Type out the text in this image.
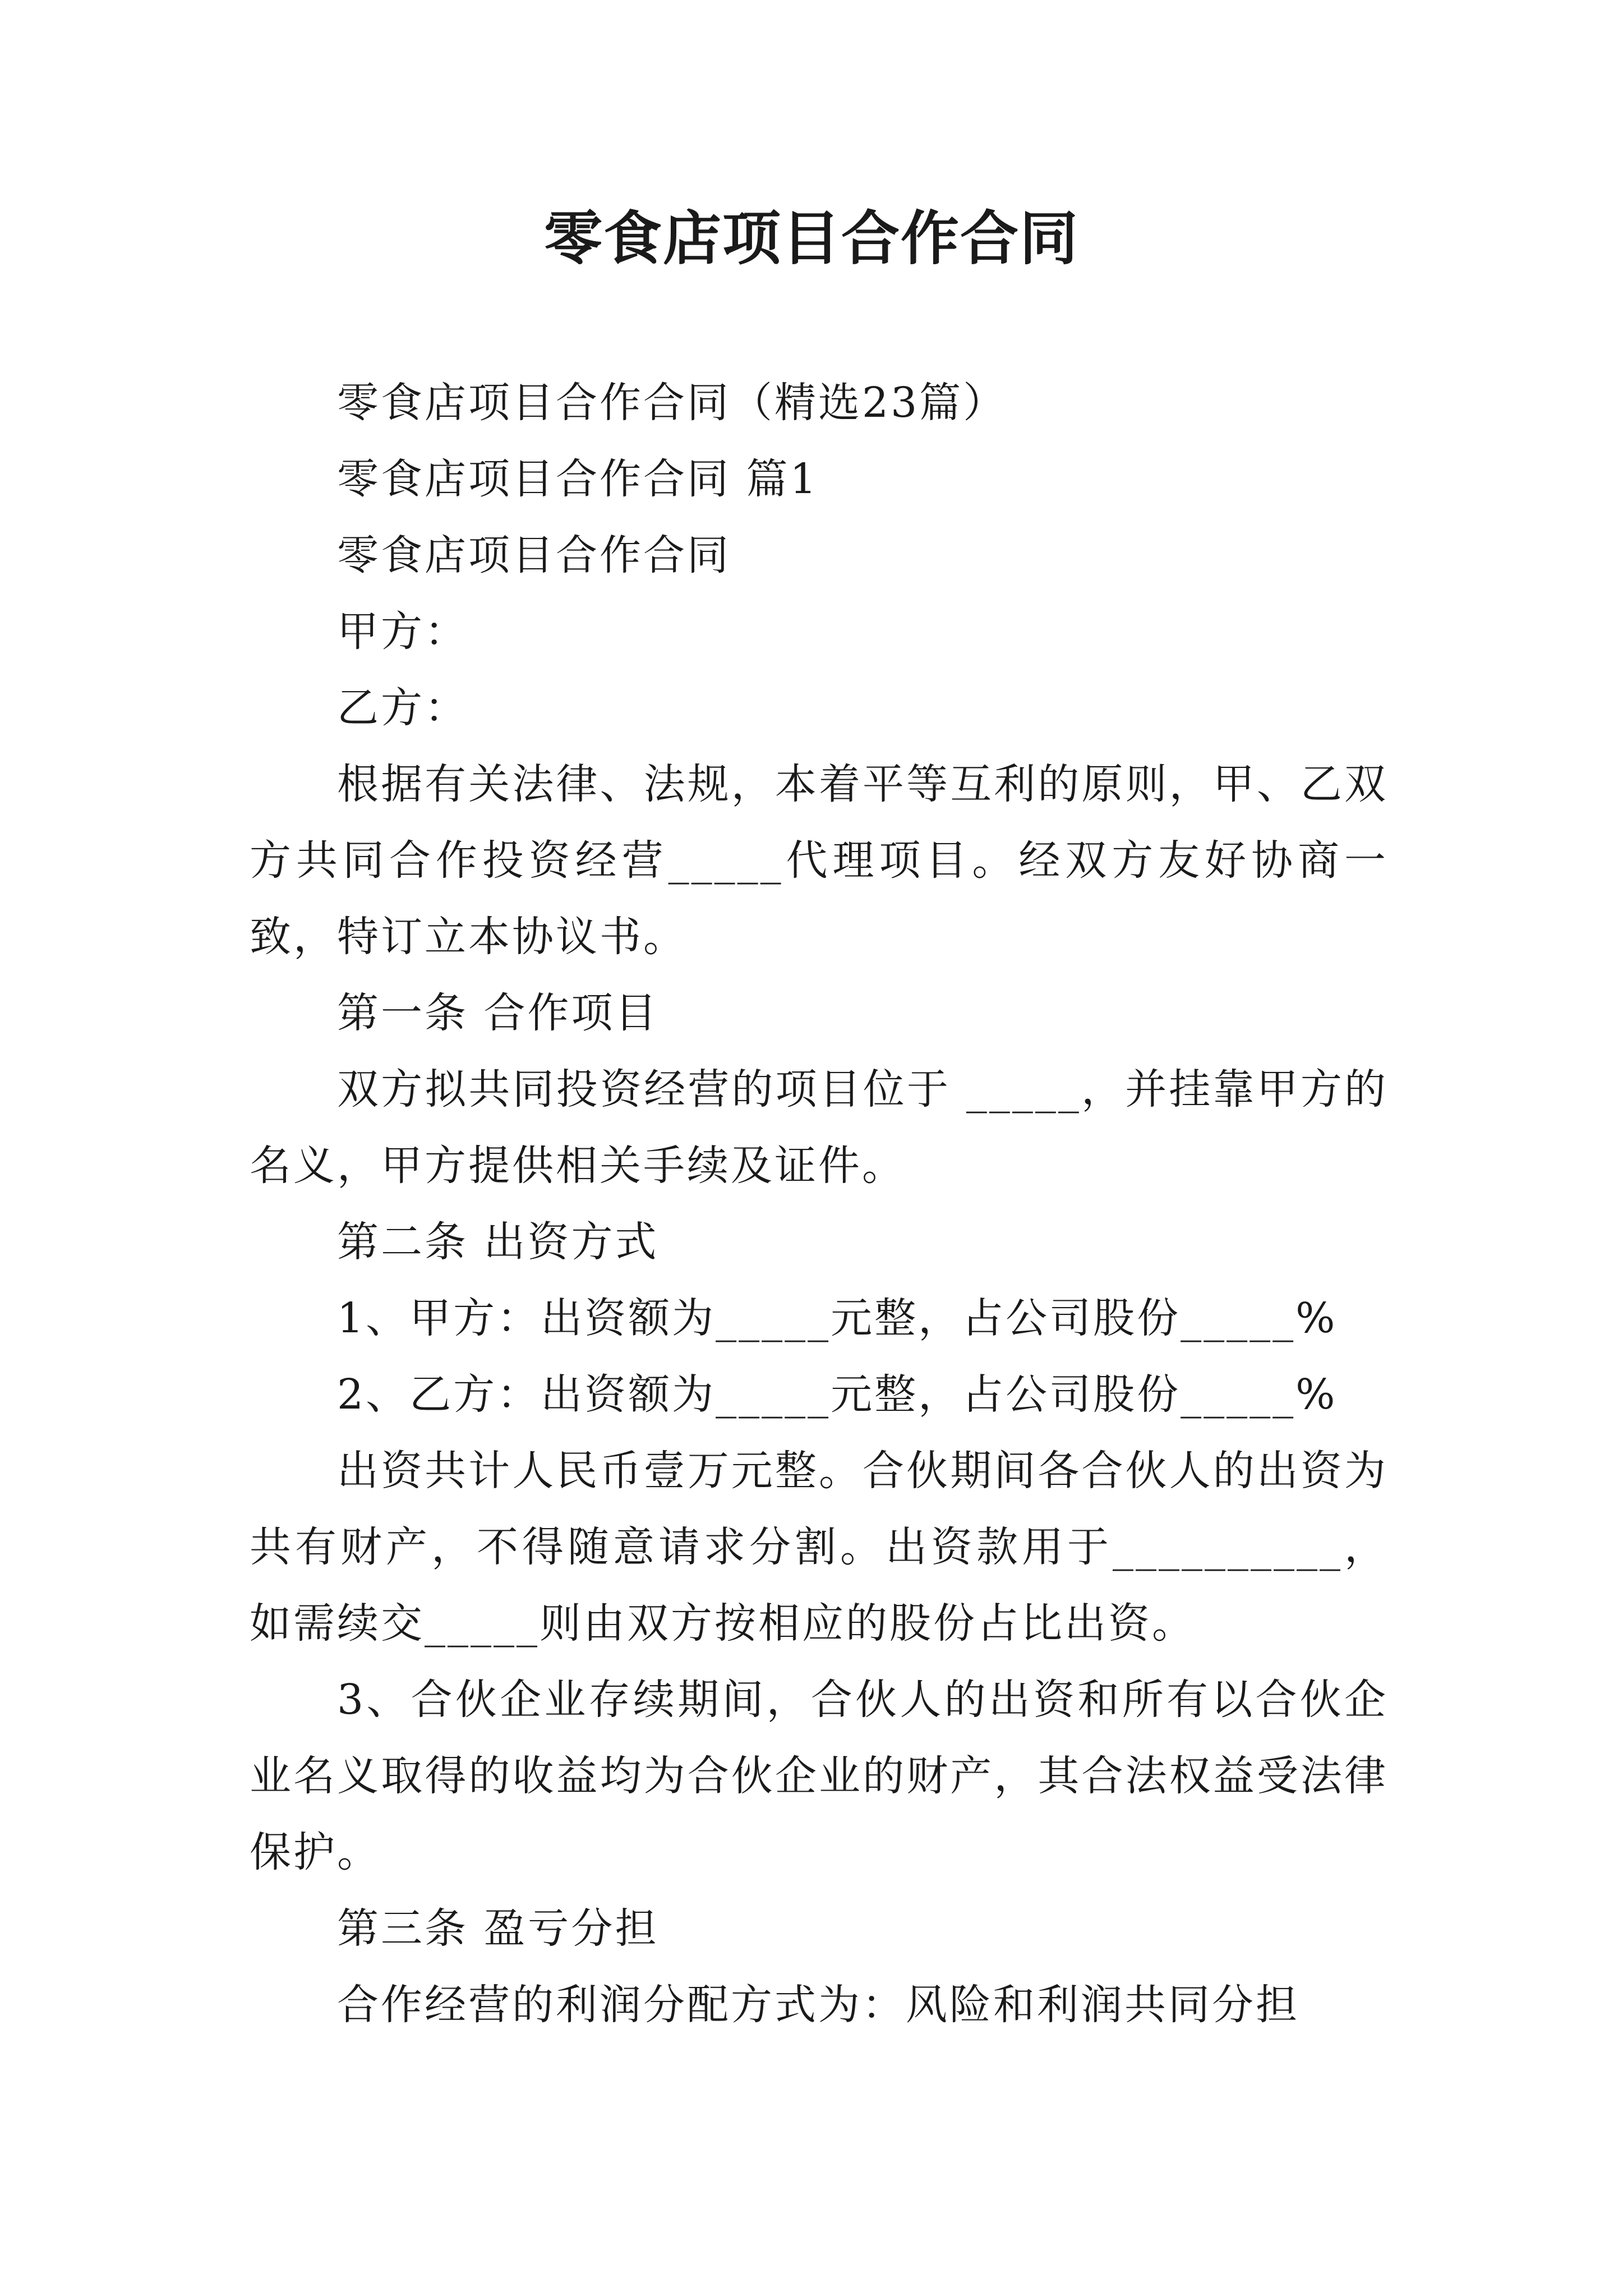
零食店项目合作合同

零食店项目合作合同（精选23篇）

零食店项目合作合同 篇1

零食店项目合作合同

甲方：

乙方：

根据有关法律、法规，本着平等互利的原则，甲、乙双方共同合作投资经营_____代理项目。经双方友好协商一致，特订立本协议书。

第一条 合作项目

双方拟共同投资经营的项目位于 _____，并挂靠甲方的名义，甲方提供相关手续及证件。

第二条 出资方式

1、甲方：出资额为_____元整，占公司股份_____%

2、乙方：出资额为_____元整，占公司股份_____%

出资共计人民币壹万元整。合伙期间各合伙人的出资为共有财产，不得随意请求分割。出资款用于__________，如需续交_____则由双方按相应的股份占比出资。

3、合伙企业存续期间，合伙人的出资和所有以合伙企业名义取得的收益均为合伙企业的财产，其合法权益受法律保护。

第三条 盈亏分担

合作经营的利润分配方式为：风险和利润共同分担
